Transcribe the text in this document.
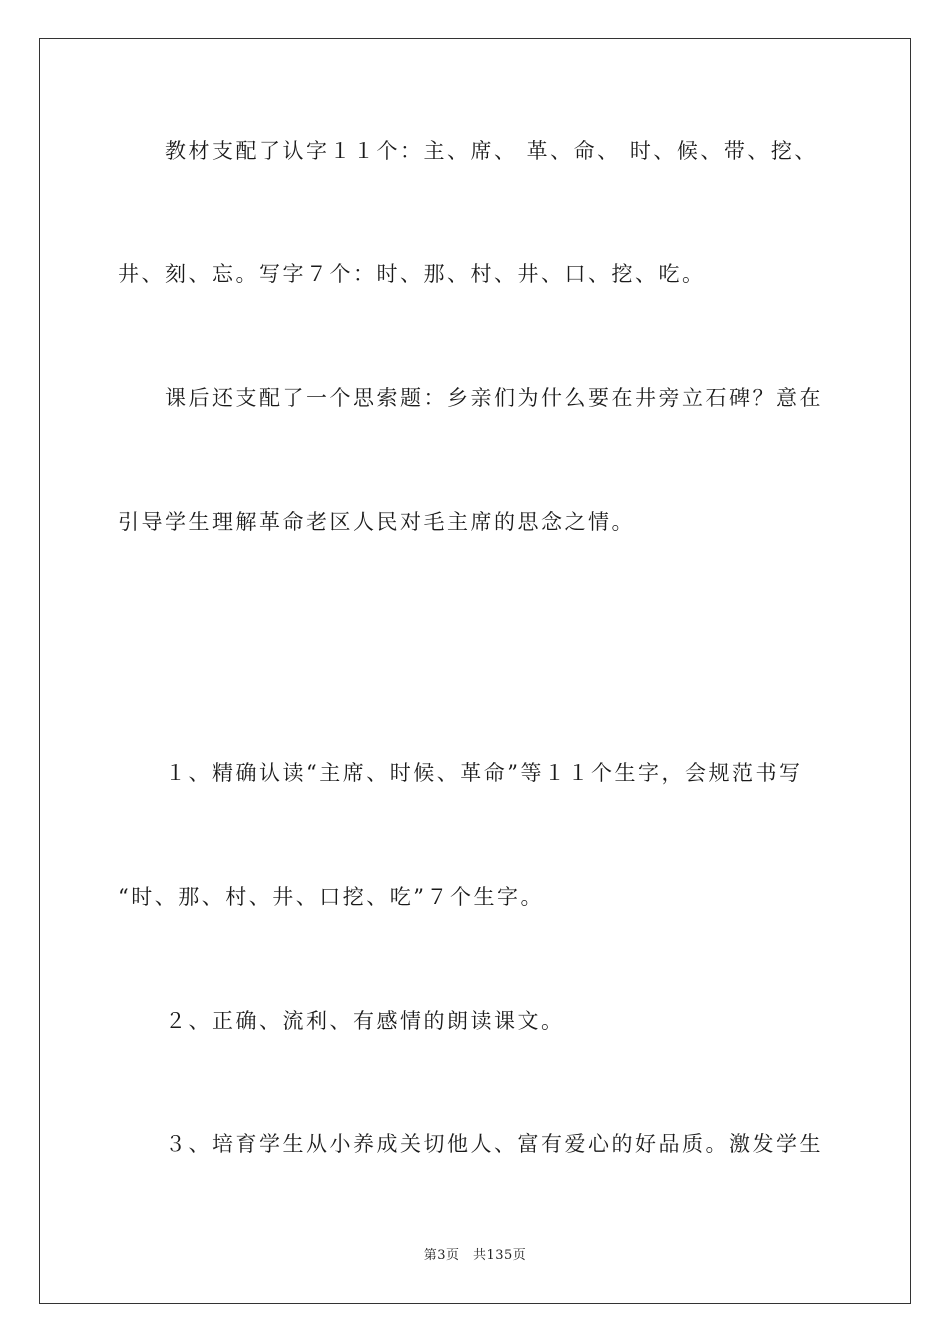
　　教材支配了认字１１个：主、席、 革、命、 时、候、带、挖、
井、刻、忘。写字７个：时、那、村、井、口、挖、吃。
　　课后还支配了一个思索题：乡亲们为什么要在井旁立石碑？意在
引导学生理解革命老区人民对毛主席的思念之情。
　　１、精确认读“主席、时候、革命”等１１个生字，会规范书写
“时、那、村、井、口挖、吃”７个生字。
　　２、正确、流利、有感情的朗读课文。
　　３、培育学生从小养成关切他人、富有爱心的好品质。激发学生
第3页　共135页
